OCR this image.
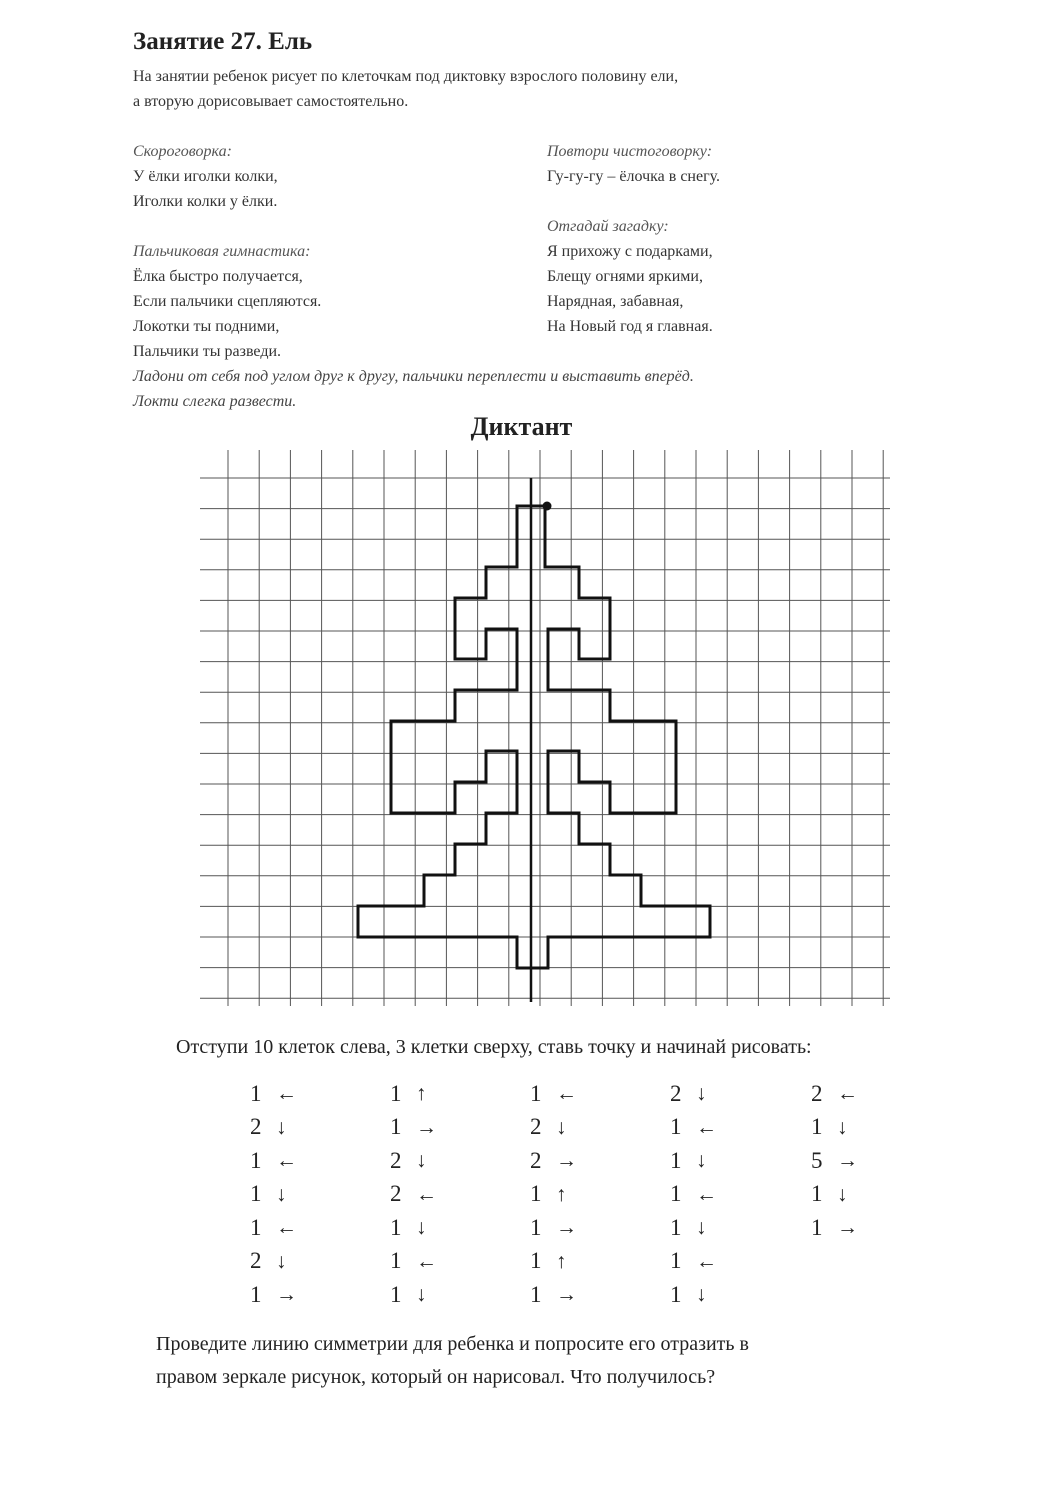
Занятие 27. Ель
На занятии ребенок рисует по клеточкам под диктовку взрослого половину ели,
а вторую дорисовывает самостоятельно.
Скороговорка:
У ёлки иголки колки,
Иголки колки у ёлки.
Пальчиковая гимнастика:
Ёлка быстро получается,
Если пальчики сцепляются.
Локотки ты подними,
Пальчики ты разведи.
Повтори чистоговорку:
Гу-гу-гу – ёлочка в снегу.
Отгадай загадку:
Я прихожу с подарками,
Блещу огнями яркими,
Нарядная, забавная,
На Новый год я главная.
Ладони от себя под углом друг к другу, пальчики переплести и выставить вперёд.
Локти слегка развести.
Диктант
Отступи 10 клеток слева, 3 клетки сверху, ставь точку и начинай рисовать:
1 ←
2 ↓
1 ←
1 ↓
1 ←
2 ↓
1 →
1 ↑
1 →
2 ↓
2 ←
1 ↓
1 ←
1 ↓
1 ←
2 ↓
2 →
1 ↑
1 →
1 ↑
1 →
2 ↓
1 ←
1 ↓
1 ←
1 ↓
1 ←
1 ↓
2 ←
1 ↓
5 →
1 ↓
1 →
Проведите линию симметрии для ребенка и попросите его отразить в
правом зеркале рисунок, который он нарисовал. Что получилось?
